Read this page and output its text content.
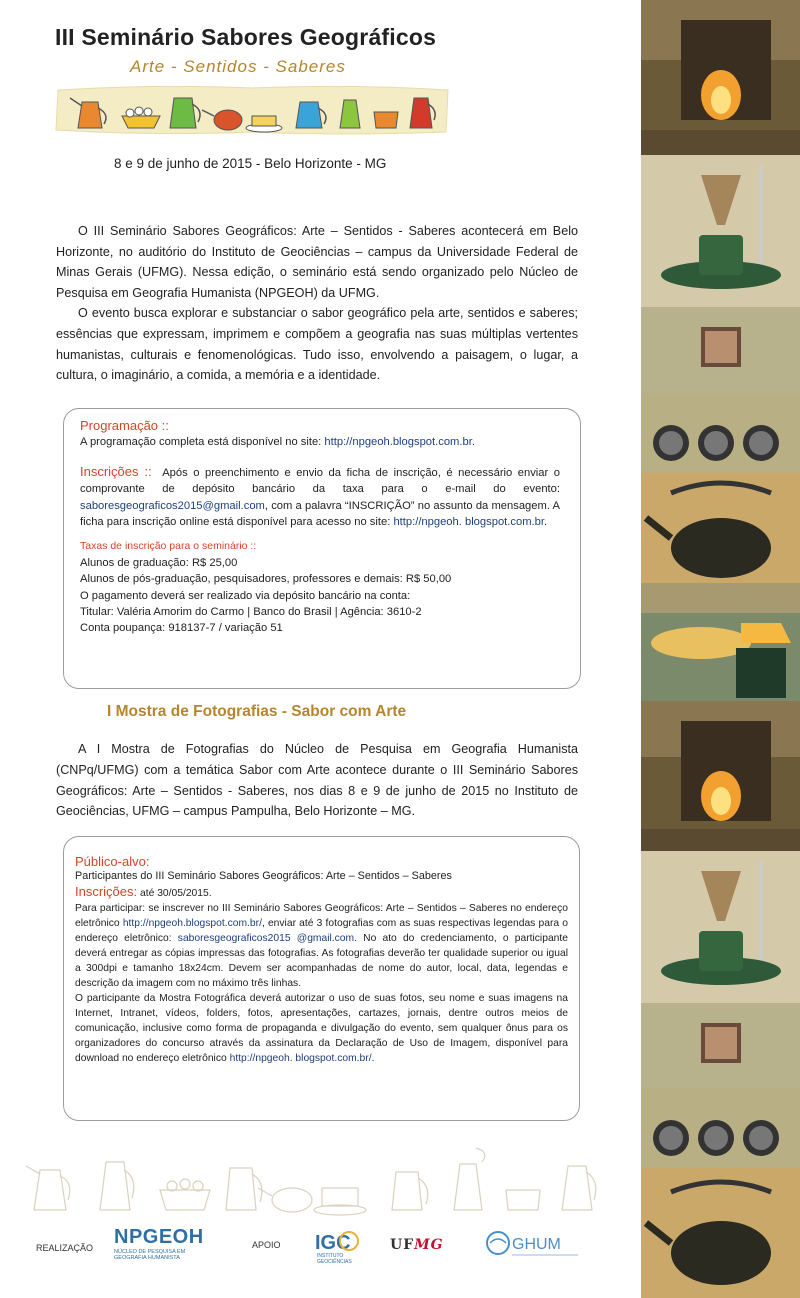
III Seminário Sabores Geográficos
Arte - Sentidos - Saberes
8 e 9 de junho de 2015 - Belo Horizonte - MG

O III Seminário Sabores Geográficos: Arte – Sentidos - Saberes acontecerá em Belo Horizonte, no auditório do Instituto de Geociências – campus da Universidade Federal de Minas Gerais (UFMG). Nessa edição, o seminário está sendo organizado pelo Núcleo de Pesquisa em Geografia Humanista (NPGEOH) da UFMG.

O evento busca explorar e substanciar o sabor geográfico pela arte, sentidos e saberes; essências que expressam, imprimem e compõem a geografia nas suas múltiplas vertentes humanistas, culturais e fenomenológicas. Tudo isso, envolvendo a paisagem, o lugar, a cultura, o imaginário, a comida, a memória e a identidade.

Programação ::
A programação completa está disponível no site: http://npgeoh.blogspot.com.br.
Inscrições :: Após o preenchimento e envio da ficha de inscrição, é necessário enviar o comprovante de depósito bancário da taxa para o e-mail do evento: saboresgeograficos2015@gmail.com, com a palavra “INSCRIÇÃO” no assunto da mensagem. A ficha para inscrição online está disponível para acesso no site: http://npgeoh. blogspot.com.br.
Taxas de inscrição para o seminário ::
Alunos de graduação: R$ 25,00
Alunos de pós-graduação, pesquisadores, professores e demais: R$ 50,00
O pagamento deverá ser realizado via depósito bancário na conta:
Titular: Valéria Amorim do Carmo | Banco do Brasil | Agência: 3610-2
Conta poupança: 918137-7 / variação 51
I Mostra de Fotografias - Sabor com Arte
A I Mostra de Fotografias do Núcleo de Pesquisa em Geografia Humanista (CNPq/UFMG) com a temática Sabor com Arte acontece durante o III Seminário Sabores Geográficos: Arte – Sentidos - Saberes, nos dias 8 e 9 de junho de 2015 no Instituto de Geociências, UFMG – campus Pampulha, Belo Horizonte – MG.
Público-alvo:
Participantes do III Seminário Sabores Geográficos: Arte – Sentidos – Saberes
Inscrições: até 30/05/2015.
Para participar: se inscrever no III Seminário Sabores Geográficos: Arte – Sentidos – Saberes no endereço eletrônico http://npgeoh.blogspot.com.br/, enviar até 3 fotografias com as suas respectivas legendas para o endereço eletrônico: saboresgeograficos2015 @gmail.com. No ato do credenciamento, o participante deverá entregar as cópias impressas das fotografias. As fotografias deverão ter qualidade superior ou igual a 300dpi e tamanho 18x24cm. Devem ser acompanhadas de nome do autor, local, data, legendas e descrição da imagem com no máximo três linhas.
O participante da Mostra Fotográfica deverá autorizar o uso de suas fotos, seu nome e suas imagens na Internet, Intranet, vídeos, folders, fotos, apresentações, cartazes, jornais, dentre outros meios de comunicação, inclusive como forma de propaganda e divulgação do evento, sem qualquer ônus para os organizadores do concurso através da assinatura da Declaração de Uso de Imagem, disponível para download no endereço eletrônico http://npgeoh. blogspot.com.br/.
REALIZAÇÃO NPGEOH
NÚCLEO DE PESQUISA EM GEOGRAFIA HUMANISTA
APOIO IGC
INSTITUTO
GEOCIÊNCIAS
UFMG	GHUM
